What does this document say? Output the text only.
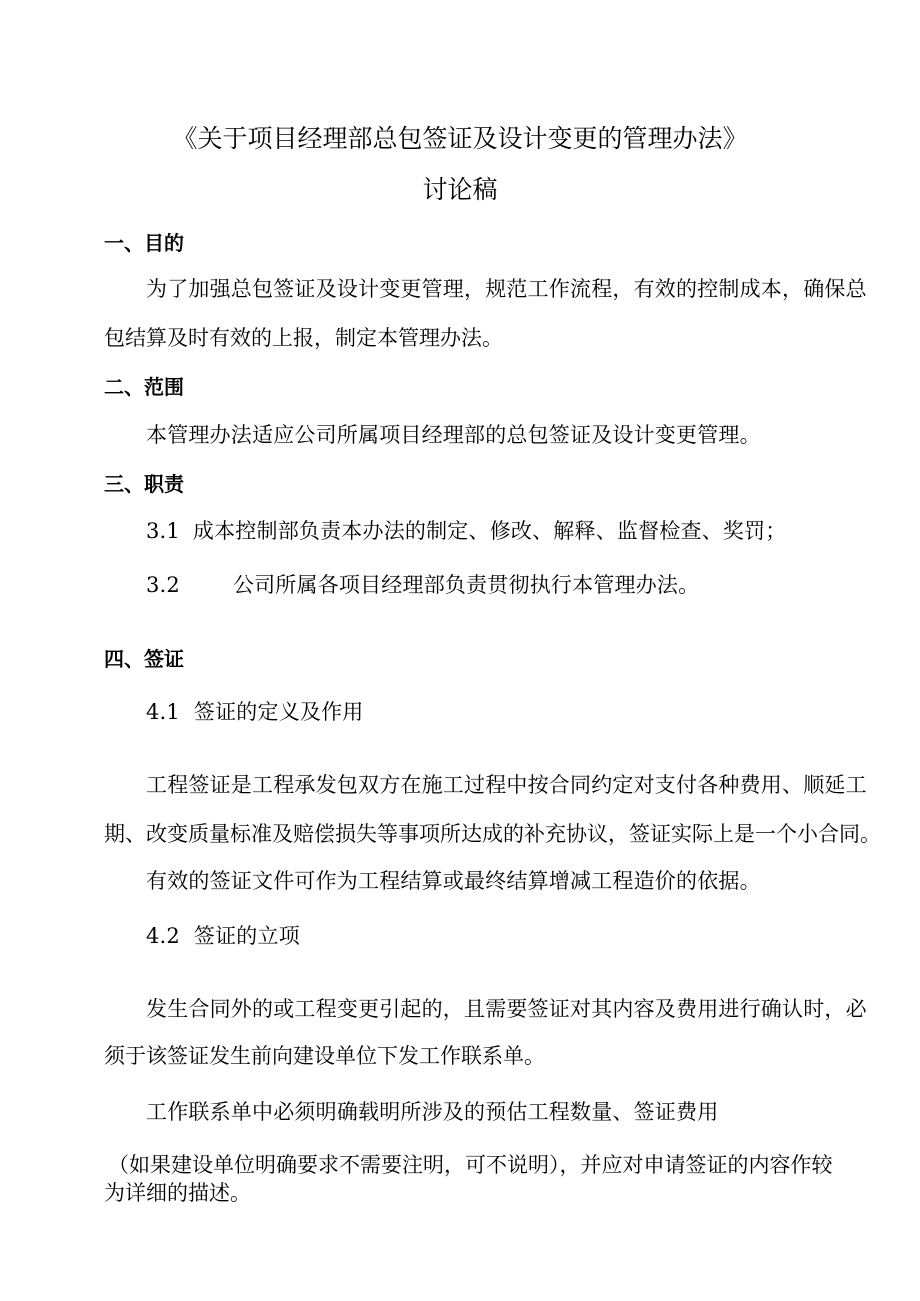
《关于项目经理部总包签证及设计变更的管理办法》

讨论稿

一、目的

为了加强总包签证及设计变更管理，规范工作流程，有效的控制成本，确保总

包结算及时有效的上报，制定本管理办法。

二、范围

本管理办法适应公司所属项目经理部的总包签证及设计变更管理。

三、职责

3.1 成本控制部负责本办法的制定、修改、解释、监督检查、奖罚；

3.2	公司所属各项目经理部负责贯彻执行本管理办法。

四、签证

4.1 签证的定义及作用

工程签证是工程承发包双方在施工过程中按合同约定对支付各种费用、顺延工

期、改变质量标准及赔偿损失等事项所达成的补充协议，签证实际上是一个小合同。

有效的签证文件可作为工程结算或最终结算增减工程造价的依据。

4.2 签证的立项

发生合同外的或工程变更引起的，且需要签证对其内容及费用进行确认时，必

须于该签证发生前向建设单位下发工作联系单。

工作联系单中必须明确载明所涉及的预估工程数量、签证费用

（如果建设单位明确要求不需要注明，可不说明），并应对申请签证的内容作较

为详细的描述。
